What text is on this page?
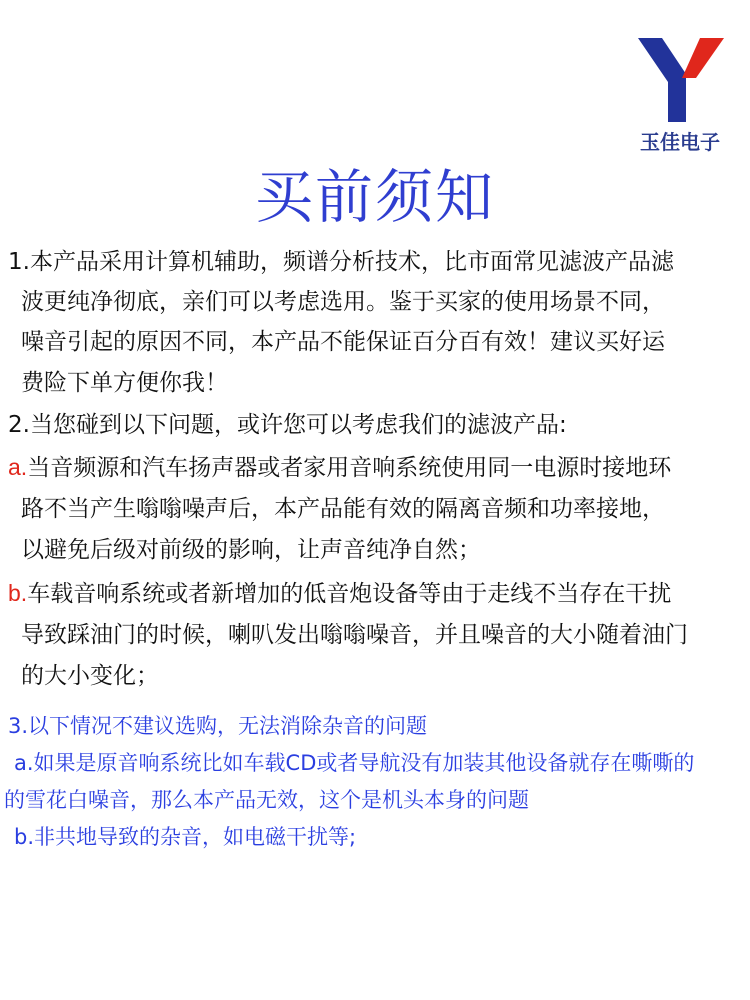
玉佳电子
买前须知
1.本产品采用计算机辅助，频谱分析技术，比市面常见滤波产品滤
波更纯净彻底，亲们可以考虑选用。鉴于买家的使用场景不同，
噪音引起的原因不同，本产品不能保证百分百有效！建议买好运
费险下单方便你我！
2.当您碰到以下问题，或许您可以考虑我们的滤波产品:
a.当音频源和汽车扬声器或者家用音响系统使用同一电源时接地环
路不当产生嗡嗡噪声后，本产品能有效的隔离音频和功率接地，
以避免后级对前级的影响，让声音纯净自然；
b.车载音响系统或者新增加的低音炮设备等由于走线不当存在干扰
导致踩油门的时候，喇叭发出嗡嗡噪音，并且噪音的大小随着油门
的大小变化；
3.以下情况不建议选购，无法消除杂音的问题
a.如果是原音响系统比如车载CD或者导航没有加装其他设备就存在嘶嘶的
的雪花白噪音，那么本产品无效，这个是机头本身的问题
b.非共地导致的杂音，如电磁干扰等;
